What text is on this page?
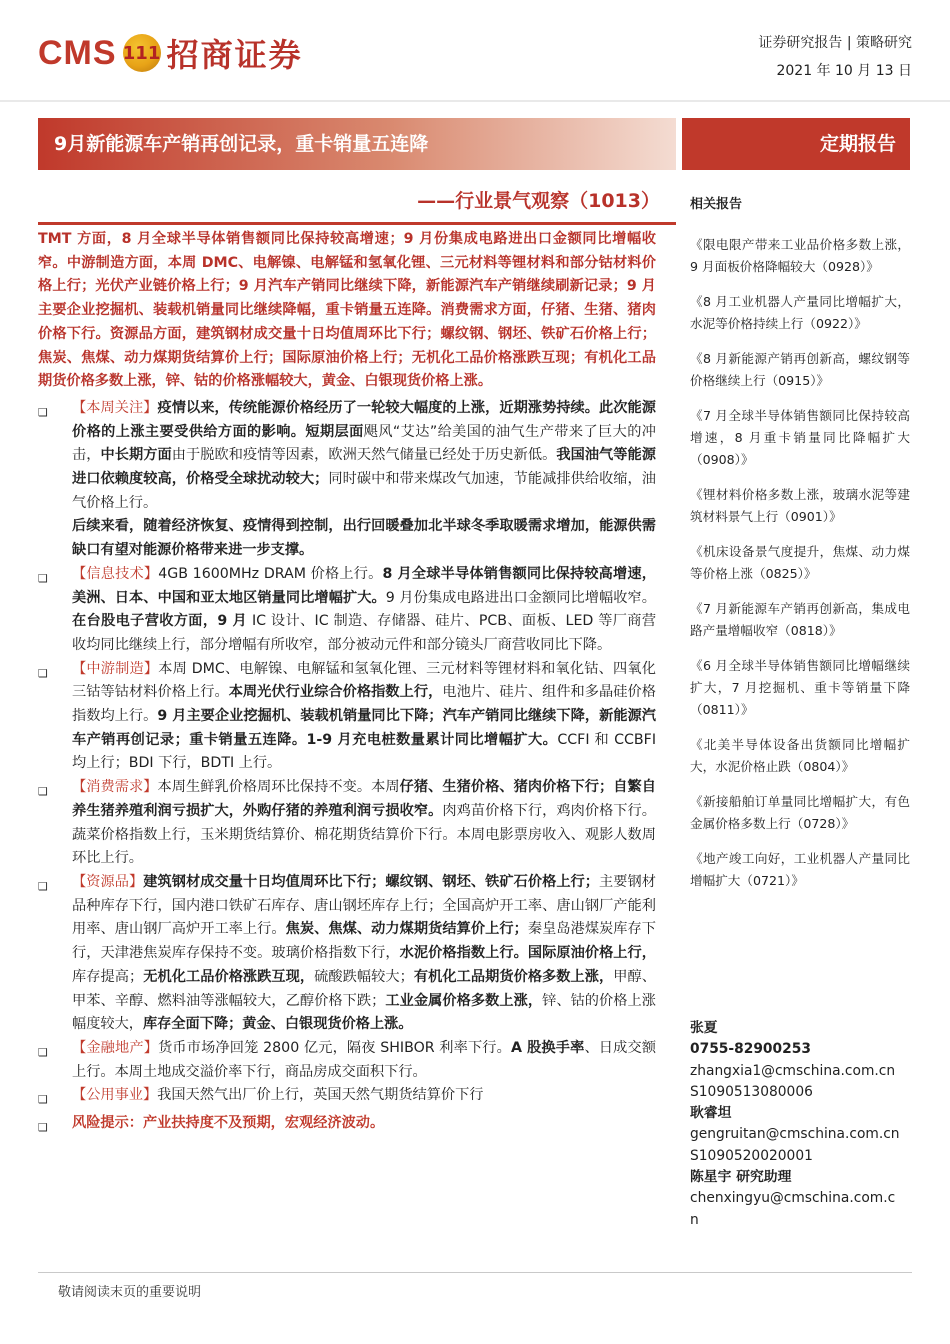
CMS 111 招商证券	证券研究报告 | 策略研究
2021 年 10 月 13 日
9月新能源车产销再创记录，重卡销量五连降	定期报告
——行业景气观察（1013）

TMT 方面，8 月全球半导体销售额同比保持较高增速；9 月份集成电路进出口金额同比增幅收窄。中游制造方面，本周 DMC、电解镍、电解锰和氢氧化锂、三元材料等锂材料和部分钴材料价格上行；光伏产业链价格上行；9 月汽车产销同比继续下降，新能源汽车产销继续刷新记录；9 月主要企业挖掘机、装载机销量同比继续降幅，重卡销量五连降。消费需求方面，仔猪、生猪、猪肉价格下行。资源品方面，建筑钢材成交量十日均值周环比下行；螺纹钢、钢坯、铁矿石价格上行；焦炭、焦煤、动力煤期货结算价上行；国际原油价格上行；无机化工品价格涨跌互现；有机化工品期货价格多数上涨，锌、钴的价格涨幅较大，黄金、白银现货价格上涨。

❑	【本周关注】疫情以来，传统能源价格经历了一轮较大幅度的上涨，近期涨势持续。此次能源价格的上涨主要受供给方面的影响。短期层面飓风“艾达”给美国的油气生产带来了巨大的冲击，中长期方面由于脱欧和疫情等因素，欧洲天然气储量已经处于历史新低。我国油气等能源进口依赖度较高，价格受全球扰动较大；同时碳中和带来煤改气加速，节能减排供给收缩，油气价格上行。
后续来看，随着经济恢复、疫情得到控制，出行回暖叠加北半球冬季取暖需求增加，能源供需缺口有望对能源价格带来进一步支撑。
❑	【信息技术】4GB 1600MHz DRAM 价格上行。8 月全球半导体销售额同比保持较高增速，美洲、日本、中国和亚太地区销量同比增幅扩大。9 月份集成电路进出口金额同比增幅收窄。在台股电子营收方面，9 月 IC 设计、IC 制造、存储器、硅片、PCB、面板、LED 等厂商营收均同比继续上行，部分增幅有所收窄，部分被动元件和部分镜头厂商营收同比下降。
❑	【中游制造】本周 DMC、电解镍、电解锰和氢氧化锂、三元材料等锂材料和氧化钴、四氧化三钴等钴材料价格上行。本周光伏行业综合价格指数上行，电池片、硅片、组件和多晶硅价格指数均上行。9 月主要企业挖掘机、装载机销量同比下降；汽车产销同比继续下降，新能源汽车产销再创记录；重卡销量五连降。1-9 月充电桩数量累计同比增幅扩大。CCFI 和 CCBFI 均上行；BDI 下行，BDTI 上行。
❑	【消费需求】本周生鲜乳价格周环比保持不变。本周仔猪、生猪价格、猪肉价格下行；自繁自养生猪养殖利润亏损扩大，外购仔猪的养殖利润亏损收窄。肉鸡苗价格下行，鸡肉价格下行。蔬菜价格指数上行，玉米期货结算价、棉花期货结算价下行。本周电影票房收入、观影人数周环比上行。
❑	【资源品】建筑钢材成交量十日均值周环比下行；螺纹钢、钢坯、铁矿石价格上行；主要钢材品种库存下行，国内港口铁矿石库存、唐山钢坯库存上行；全国高炉开工率、唐山钢厂产能利用率、唐山钢厂高炉开工率上行。焦炭、焦煤、动力煤期货结算价上行；秦皇岛港煤炭库存下行，天津港焦炭库存保持不变。玻璃价格指数下行，水泥价格指数上行。国际原油价格上行，库存提高；无机化工品价格涨跌互现，硫酸跌幅较大；有机化工品期货价格多数上涨，甲醇、甲苯、辛醇、燃料油等涨幅较大，乙醇价格下跌；工业金属价格多数上涨，锌、钴的价格上涨幅度较大，库存全面下降；黄金、白银现货价格上涨。
❑	【金融地产】货币市场净回笼 2800 亿元，隔夜 SHIBOR 利率下行。A 股换手率、日成交额上行。本周土地成交溢价率下行，商品房成交面积下行。
❑	【公用事业】我国天然气出厂价上行，英国天然气期货结算价下行
❑	风险提示：产业扶持度不及预期，宏观经济波动。
相关报告
《限电限产带来工业品价格多数上涨，9 月面板价格降幅较大（0928）》
《8 月工业机器人产量同比增幅扩大，水泥等价格持续上行（0922）》
《8 月新能源产销再创新高，螺纹钢等价格继续上行（0915）》
《7 月全球半导体销售额同比保持较高增速，8 月重卡销量同比降幅扩大（0908）》
《锂材料价格多数上涨，玻璃水泥等建筑材料景气上行（0901）》
《机床设备景气度提升，焦煤、动力煤等价格上涨（0825）》
《7 月新能源车产销再创新高，集成电路产量增幅收窄（0818）》
《6 月全球半导体销售额同比增幅继续扩大，7 月挖掘机、重卡等销量下降（0811）》
《北美半导体设备出货额同比增幅扩大，水泥价格止跌（0804）》
《新接船舶订单量同比增幅扩大，有色金属价格多数上行（0728）》
《地产竣工向好，工业机器人产量同比增幅扩大（0721）》
张夏
0755-82900253
zhangxia1@cmschina.com.cn
S1090513080006
耿睿坦
gengruitan@cmschina.com.cn
S1090520020001
陈星宇 研究助理
chenxingyu@cmschina.com.cn
敬请阅读末页的重要说明
